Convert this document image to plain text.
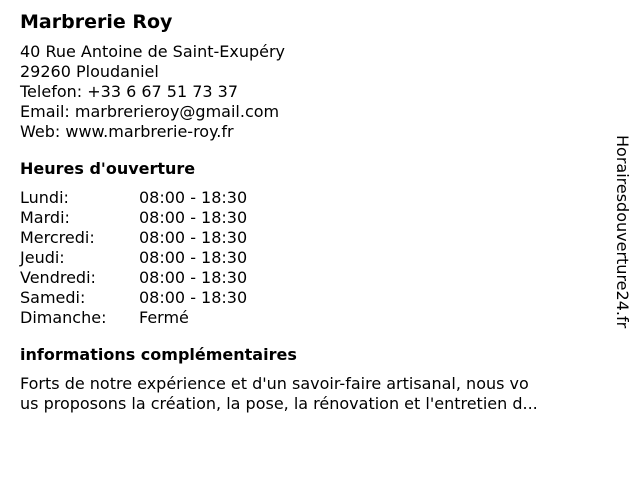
Marbrerie Roy
40 Rue Antoine de Saint-Exupéry
29260 Ploudaniel
Telefon: +33 6 67 51 73 37
Email: marbrerieroy@gmail.com
Web: www.marbrerie-roy.fr
Heures d'ouverture
Lundi:	08:00 - 18:30
Mardi:	08:00 - 18:30
Mercredi:	08:00 - 18:30
Jeudi:	08:00 - 18:30
Vendredi:	08:00 - 18:30
Samedi:	08:00 - 18:30
Dimanche:	Fermé
informations complémentaires
Forts de notre expérience et d'un savoir-faire artisanal, nous vo
us proposons la création, la pose, la rénovation et l'entretien d...
Horairesdouverture24.fr
